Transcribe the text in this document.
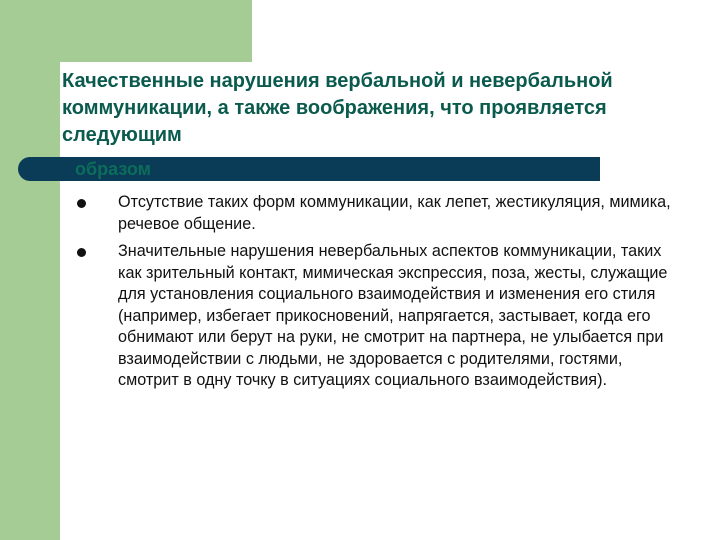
Качественные нарушения вербальной и невербальной коммуникации, а также воображения, что проявляется следующим
образом
Отсутствие таких форм коммуникации, как лепет, жестикуляция, мимика, речевое общение.
Значительные нарушения невербальных аспектов коммуникации, таких как зрительный контакт, мимическая экспрессия, поза, жесты, служащие для установления социального взаимодействия и изменения его стиля (например, избегает прикосновений, напрягается, застывает, когда его обнимают или берут на руки, не смотрит на партнера, не улыбается при взаимодействии с людьми, не здоровается с родителями, гостями, смотрит в одну точку в ситуациях социального взаимодействия).
